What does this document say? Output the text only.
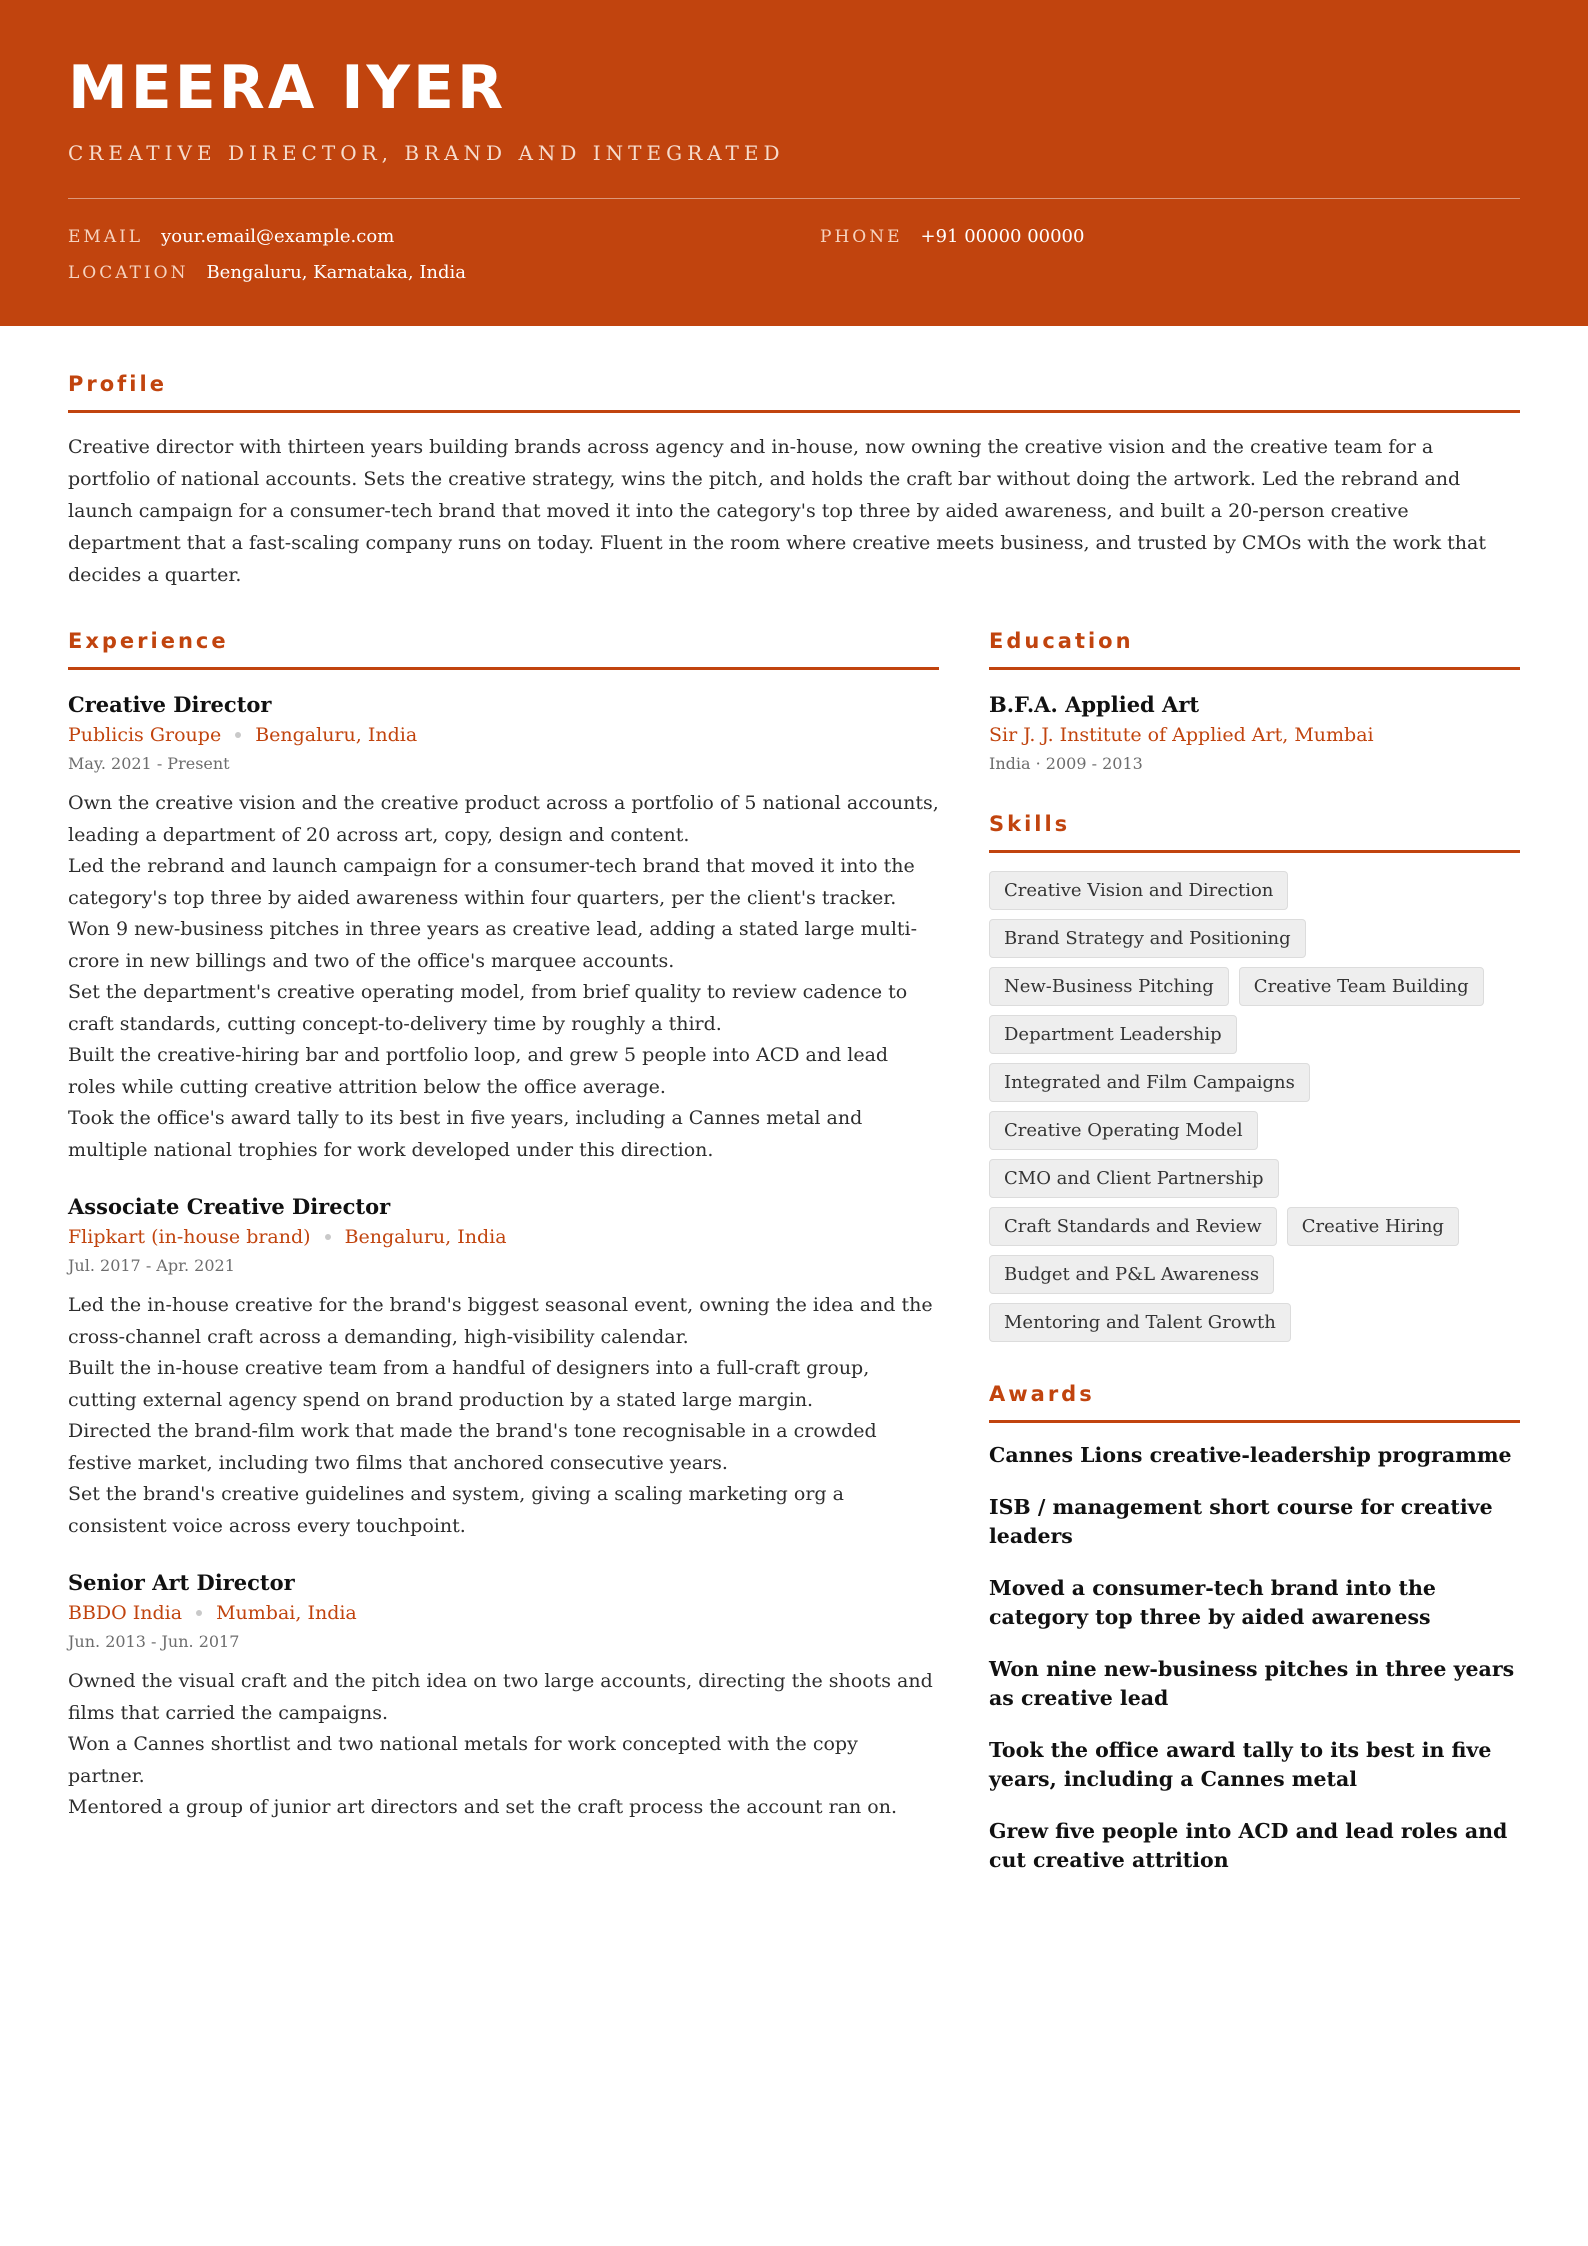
MEERA IYER
CREATIVE DIRECTOR, BRAND AND INTEGRATED
EMAIL your.email@example.com	PHONE +91 00000 00000
LOCATION Bengaluru, Karnataka, India
Profile

Creative director with thirteen years building brands across agency and in-house, now owning the creative vision and the creative team for a portfolio of national accounts. Sets the creative strategy, wins the pitch, and holds the craft bar without doing the artwork. Led the rebrand and launch campaign for a consumer-tech brand that moved it into the category's top three by aided awareness, and built a 20-person creative department that a fast-scaling company runs on today. Fluent in the room where creative meets business, and trusted by CMOs with the work that decides a quarter.

Experience
Creative Director
Publicis Groupe Bengaluru, India
May. 2021 - Present
Own the creative vision and the creative product across a portfolio of 5 national accounts, leading a department of 20 across art, copy, design and content.
Led the rebrand and launch campaign for a consumer-tech brand that moved it into the category's top three by aided awareness within four quarters, per the client's tracker.
Won 9 new-business pitches in three years as creative lead, adding a stated large multi-crore in new billings and two of the office's marquee accounts.
Set the department's creative operating model, from brief quality to review cadence to craft standards, cutting concept-to-delivery time by roughly a third.
Built the creative-hiring bar and portfolio loop, and grew 5 people into ACD and lead roles while cutting creative attrition below the office average.
Took the office's award tally to its best in five years, including a Cannes metal and multiple national trophies for work developed under this direction.
Associate Creative Director
Flipkart (in-house brand) Bengaluru, India
Jul. 2017 - Apr. 2021
Led the in-house creative for the brand's biggest seasonal event, owning the idea and the cross-channel craft across a demanding, high-visibility calendar.
Built the in-house creative team from a handful of designers into a full-craft group, cutting external agency spend on brand production by a stated large margin.
Directed the brand-film work that made the brand's tone recognisable in a crowded festive market, including two films that anchored consecutive years.
Set the brand's creative guidelines and system, giving a scaling marketing org a consistent voice across every touchpoint.
Senior Art Director
BBDO India Mumbai, India
Jun. 2013 - Jun. 2017
Owned the visual craft and the pitch idea on two large accounts, directing the shoots and films that carried the campaigns.
Won a Cannes shortlist and two national metals for work concepted with the copy partner.
Mentored a group of junior art directors and set the craft process the account ran on.
Education
B.F.A. Applied Art
Sir J. J. Institute of Applied Art, Mumbai
India · 2009 - 2013
Skills
Creative Vision and Direction
Brand Strategy and Positioning
New-Business Pitching	Creative Team Building
Department Leadership
Integrated and Film Campaigns
Creative Operating Model
CMO and Client Partnership
Craft Standards and Review	Creative Hiring
Budget and P&L Awareness
Mentoring and Talent Growth
Awards
Cannes Lions creative-leadership programme
ISB / management short course for creative leaders
Moved a consumer-tech brand into the category top three by aided awareness
Won nine new-business pitches in three years as creative lead
Took the office award tally to its best in five years, including a Cannes metal
Grew five people into ACD and lead roles and cut creative attrition
